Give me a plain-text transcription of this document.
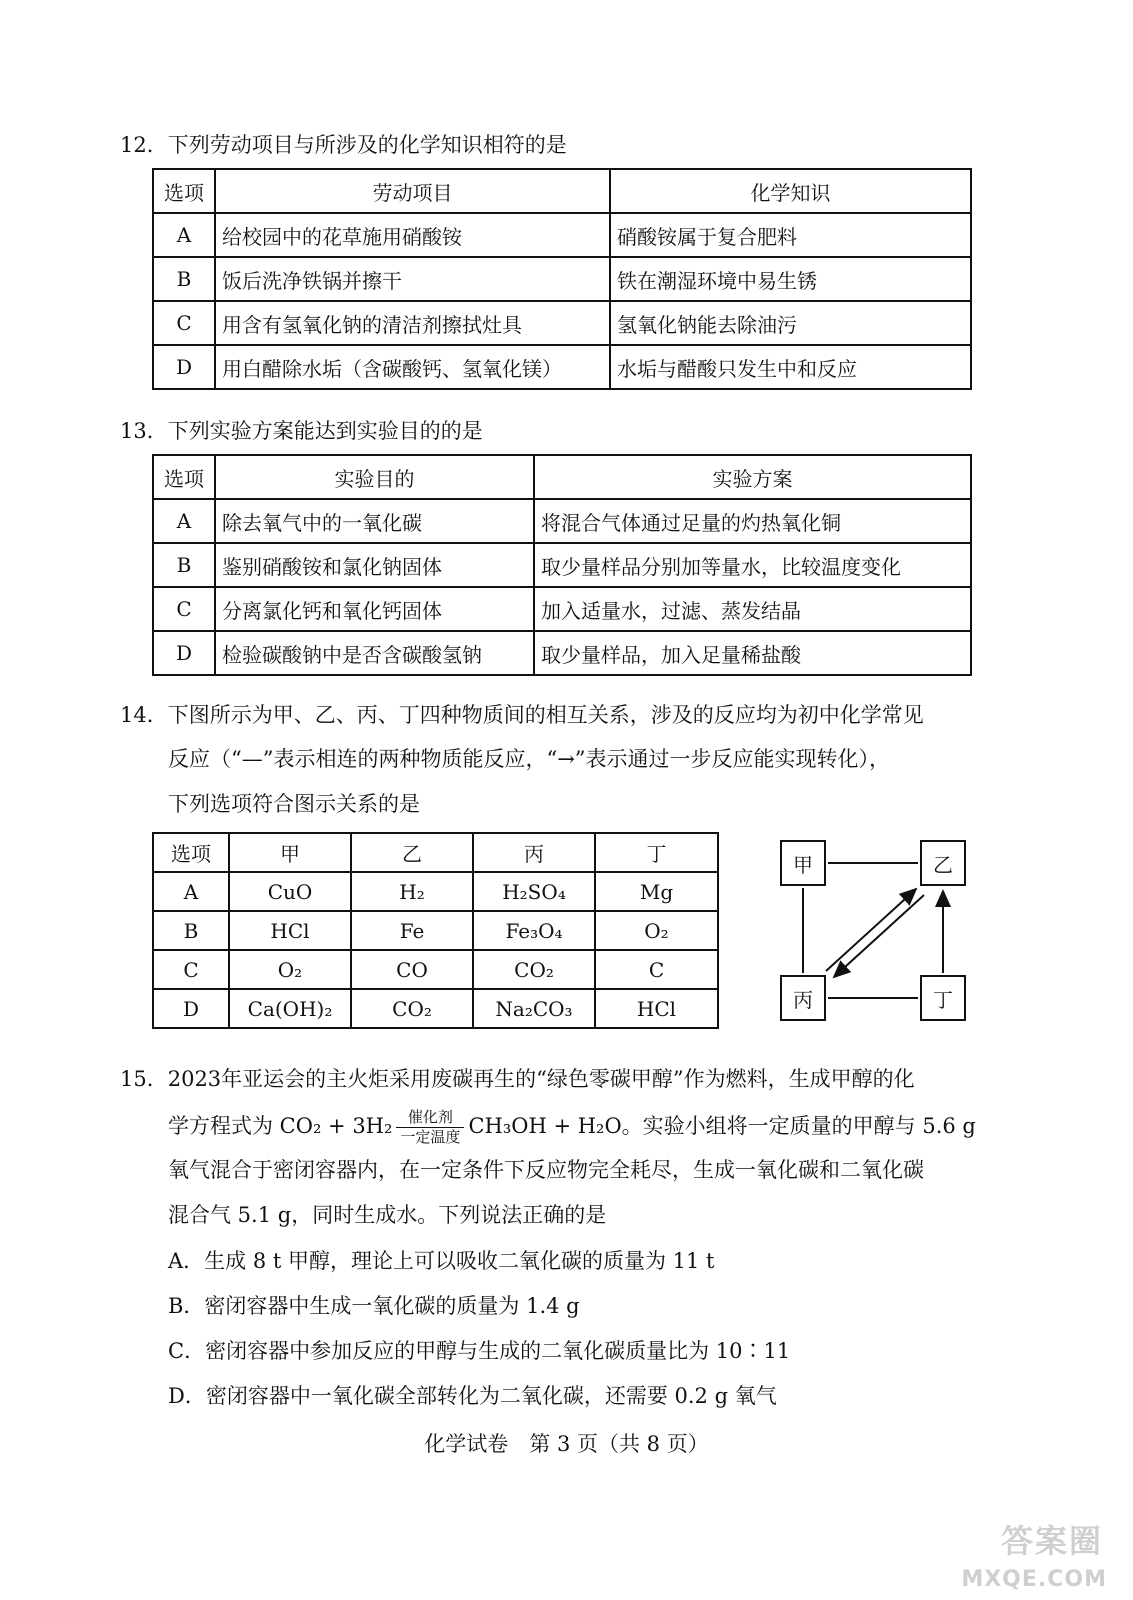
12．下列劳动项目与所涉及的化学知识相符的是
选项	劳动项目	化学知识
A	给校园中的花草施用硝酸铵	硝酸铵属于复合肥料
B	饭后洗净铁锅并擦干	铁在潮湿环境中易生锈
C	用含有氢氧化钠的清洁剂擦拭灶具	氢氧化钠能去除油污
D	用白醋除水垢（含碳酸钙、氢氧化镁）	水垢与醋酸只发生中和反应
13．下列实验方案能达到实验目的的是
选项	实验目的	实验方案
A	除去氧气中的一氧化碳	将混合气体通过足量的灼热氧化铜
B	鉴别硝酸铵和氯化钠固体	取少量样品分别加等量水，比较温度变化
C	分离氯化钙和氧化钙固体	加入适量水，过滤、蒸发结晶
D	检验碳酸钠中是否含碳酸氢钠	取少量样品，加入足量稀盐酸
14．下图所示为甲、乙、丙、丁四种物质间的相互关系，涉及的反应均为初中化学常见
反应（“—”表示相连的两种物质能反应，“→”表示通过一步反应能实现转化），
下列选项符合图示关系的是
选项	甲	乙	丙	丁
A	CuO	H₂	H₂SO₄	Mg
B	HCl	Fe	Fe₃O₄	O₂
C	O₂	CO	CO₂	C
D	Ca(OH)₂	CO₂	Na₂CO₃	HCl
甲	乙
丙	丁
15．2023年亚运会的主火炬采用废碳再生的“绿色零碳甲醇”作为燃料，生成甲醇的化
学方程式为 CO₂ + 3H₂	催化剂
一定温度 CH₃OH + H₂O。实验小组将一定质量的甲醇与 5.6 g
氧气混合于密闭容器内，在一定条件下反应物完全耗尽，生成一氧化碳和二氧化碳
混合气 5.1 g，同时生成水。下列说法正确的是
A．生成 8 t 甲醇，理论上可以吸收二氧化碳的质量为 11 t
B．密闭容器中生成一氧化碳的质量为 1.4 g
C．密闭容器中参加反应的甲醇与生成的二氧化碳质量比为 10∶11
D．密闭容器中一氧化碳全部转化为二氧化碳，还需要 0.2 g 氧气
化学试卷　第 3 页（共 8 页）
答案圈
MXQE.COM
